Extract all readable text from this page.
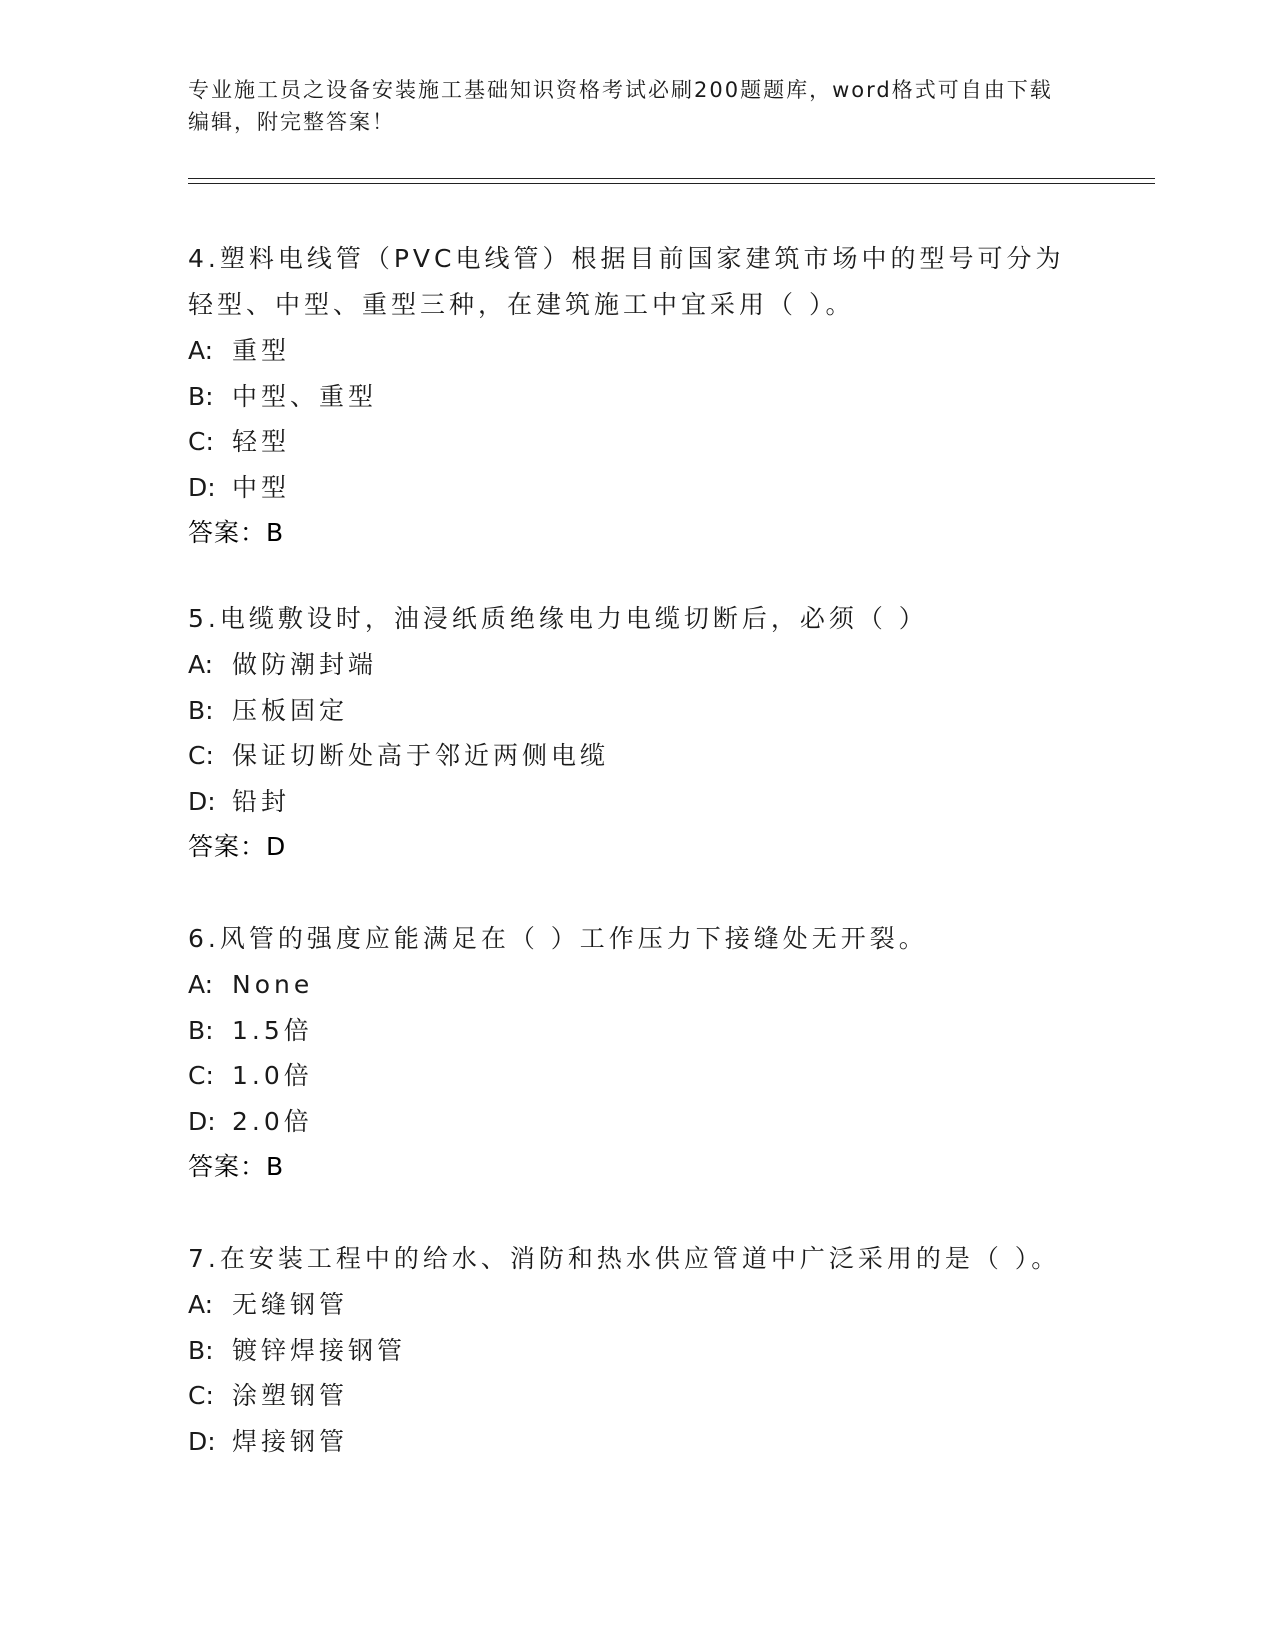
专业施工员之设备安装施工基础知识资格考试必刷200题题库，word格式可自由下载编辑，附完整答案！

4.塑料电线管（PVC电线管）根据目前国家建筑市场中的型号可分为轻型、中型、重型三种，在建筑施工中宜采用（ ）。

A: 重型
B: 中型、重型
C: 轻型
D: 中型
答案：B

5.电缆敷设时，油浸纸质绝缘电力电缆切断后，必须（ ）

A: 做防潮封端
B: 压板固定
C: 保证切断处高于邻近两侧电缆
D: 铅封
答案：D

6.风管的强度应能满足在（ ）工作压力下接缝处无开裂。

A: None
B: 1.5倍
C: 1.0倍
D: 2.0倍
答案：B

7.在安装工程中的给水、消防和热水供应管道中广泛采用的是（ ）。

A: 无缝钢管
B: 镀锌焊接钢管
C: 涂塑钢管
D: 焊接钢管
